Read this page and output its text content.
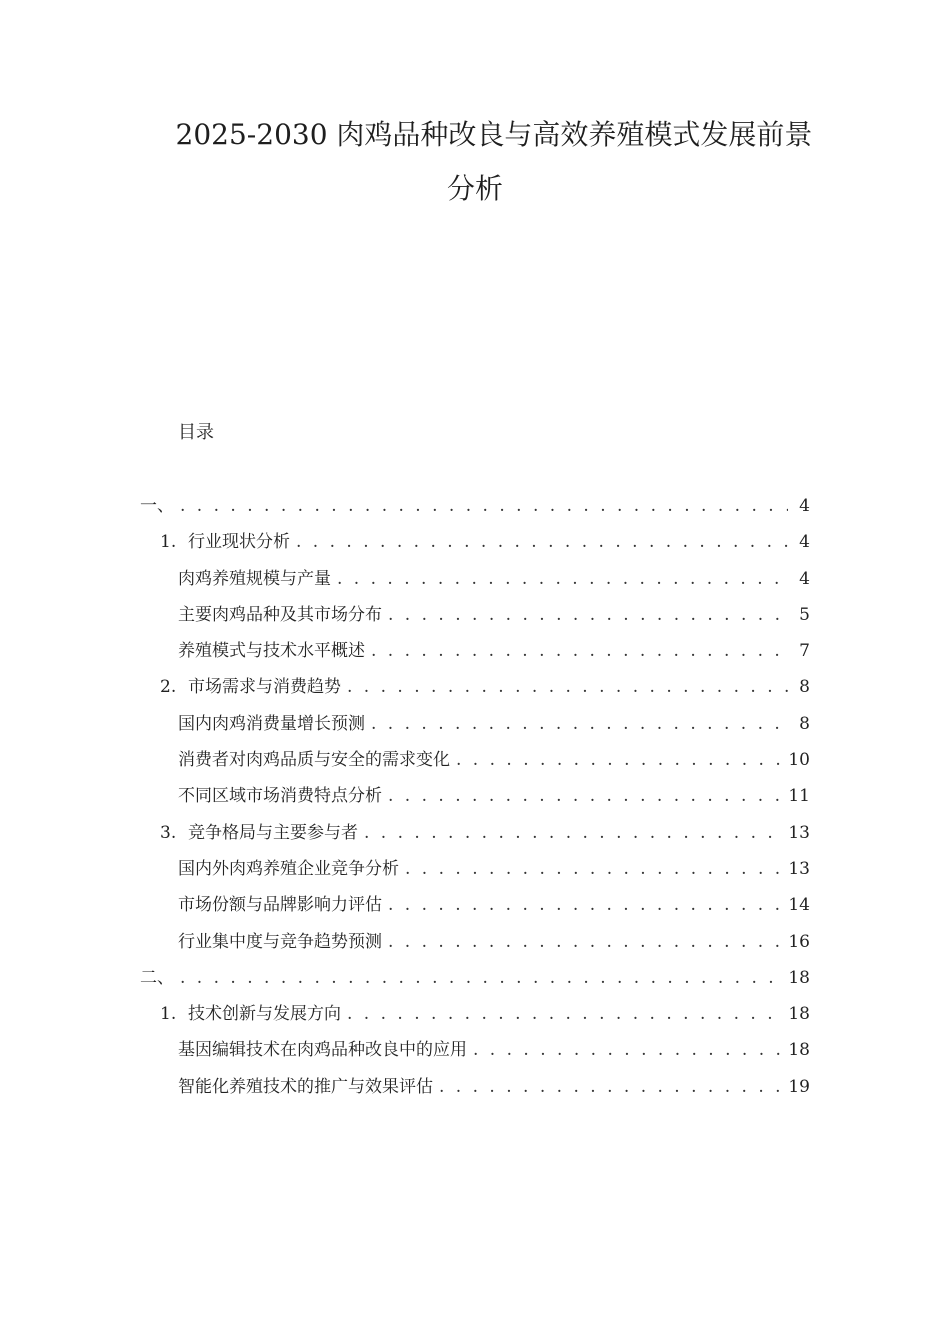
2025-2030 肉鸡品种改良与高效养殖模式发展前景
分析
目录
一、 . . .	4
1. 行业现状分析 . . .	4
肉鸡养殖规模与产量 . . .	4
主要肉鸡品种及其市场分布 . . .	5
养殖模式与技术水平概述 . . .	7
2. 市场需求与消费趋势 . . .	8
国内肉鸡消费量增长预测 . . .	8
消费者对肉鸡品质与安全的需求变化 . . .	10
不同区域市场消费特点分析 . . .	11
3. 竞争格局与主要参与者 . . .	13
国内外肉鸡养殖企业竞争分析 . . .	13
市场份额与品牌影响力评估 . . .	14
行业集中度与竞争趋势预测 . . .	16
二、 . . .	18
1. 技术创新与发展方向 . . .	18
基因编辑技术在肉鸡品种改良中的应用 . . .	18
智能化养殖技术的推广与效果评估 . . .	19
